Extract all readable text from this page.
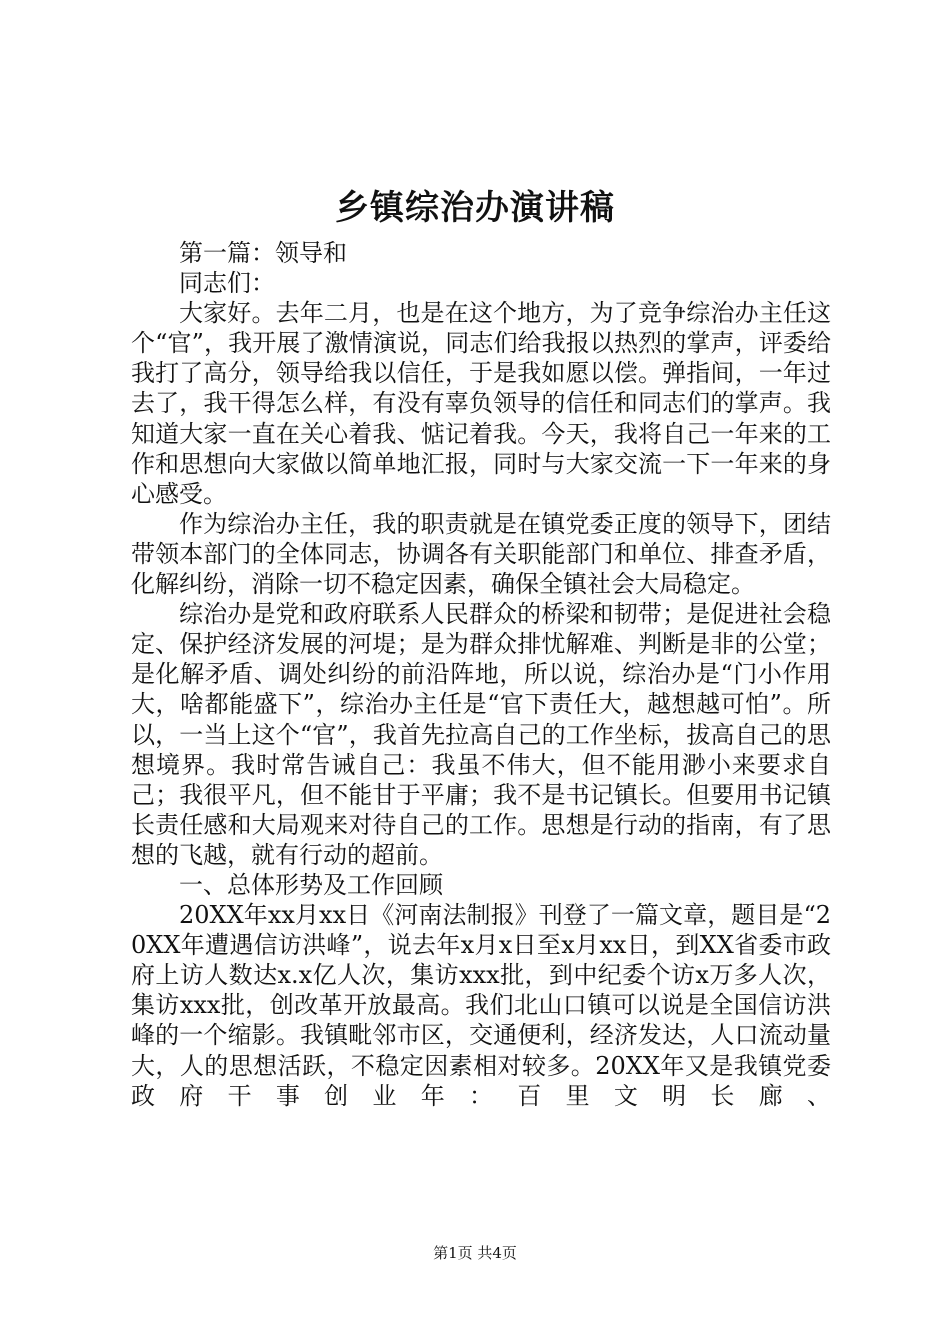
乡镇综治办演讲稿

第一篇：领导和

同志们：

大家好。去年二月，也是在这个地方，为了竞争综治办主任这个“官”，我开展了激情演说，同志们给我报以热烈的掌声，评委给我打了高分，领导给我以信任，于是我如愿以偿。弹指间，一年过去了，我干得怎么样，有没有辜负领导的信任和同志们的掌声。我知道大家一直在关心着我、惦记着我。今天，我将自己一年来的工作和思想向大家做以简单地汇报，同时与大家交流一下一年来的身心感受。

作为综治办主任，我的职责就是在镇党委正度的领导下，团结带领本部门的全体同志，协调各有关职能部门和单位、排查矛盾，化解纠纷，消除一切不稳定因素，确保全镇社会大局稳定。

综治办是党和政府联系人民群众的桥梁和韧带；是促进社会稳定、保护经济发展的河堤；是为群众排忧解难、判断是非的公堂；是化解矛盾、调处纠纷的前沿阵地，所以说，综治办是“门小作用大，啥都能盛下”，综治办主任是“官下责任大，越想越可怕”。所以，一当上这个“官”，我首先拉高自己的工作坐标，拔高自己的思想境界。我时常告诫自己：我虽不伟大，但不能用渺小来要求自己；我很平凡，但不能甘于平庸；我不是书记镇长。但要用书记镇长责任感和大局观来对待自己的工作。思想是行动的指南，有了思想的飞越，就有行动的超前。

一、总体形势及工作回顾

20XX年xx月xx日《河南法制报》刊登了一篇文章，题目是“20XX年遭遇信访洪峰”，说去年x月x日至x月xx日，到XX省委市政府上访人数达x.x亿人次，集访xxx批，到中纪委个访x万多人次，集访xxx批，创改革开放最高。我们北山口镇可以说是全国信访洪峰的一个缩影。我镇毗邻市区，交通便利，经济发达，人口流动量大，人的思想活跃，不稳定因素相对较多。20XX年又是我镇党委政府干事创业年：百里文明长廊、

第1页 共4页
